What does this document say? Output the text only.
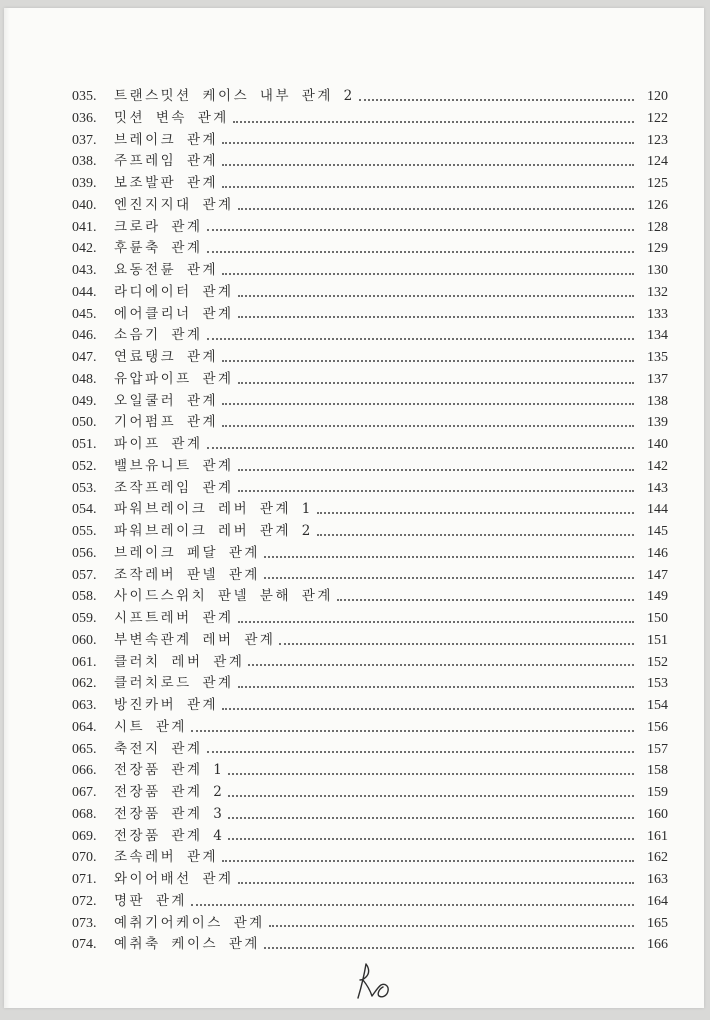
035.	트랜스밋션 케이스 내부 관계 2	120
036.	밋션 변속 관계	122
037.	브레이크 관계	123
038.	주프레임 관계	124
039.	보조발판 관계	125
040.	엔진지지대 관계	126
041.	크로라 관계	128
042.	후륜축 관계	129
043.	요동전륜 관계	130
044.	라디에이터 관계	132
045.	에어클리너 관계	133
046.	소음기 관계	134
047.	연료탱크 관계	135
048.	유압파이프 관계	137
049.	오일쿨러 관계	138
050.	기어펌프 관계	139
051.	파이프 관계	140
052.	밸브유니트 관계	142
053.	조작프레임 관계	143
054.	파워브레이크 레버 관계 1	144
055.	파워브레이크 레버 관계 2	145
056.	브레이크 페달 관계	146
057.	조작레버 판넬 관계	147
058.	사이드스위치 판넬 분해 관계	149
059.	시프트레버 관계	150
060.	부변속관계 레버 관계	151
061.	클러치 레버 관계	152
062.	클러치로드 관계	153
063.	방진카버 관계	154
064.	시트 관계	156
065.	축전지 관계	157
066.	전장품 관계 1	158
067.	전장품 관계 2	159
068.	전장품 관계 3	160
069.	전장품 관계 4	161
070.	조속레버 관계	162
071.	와이어배선 관계	163
072.	명판 관계	164
073.	예취기어케이스 관계	165
074.	예취축 케이스 관계	166
